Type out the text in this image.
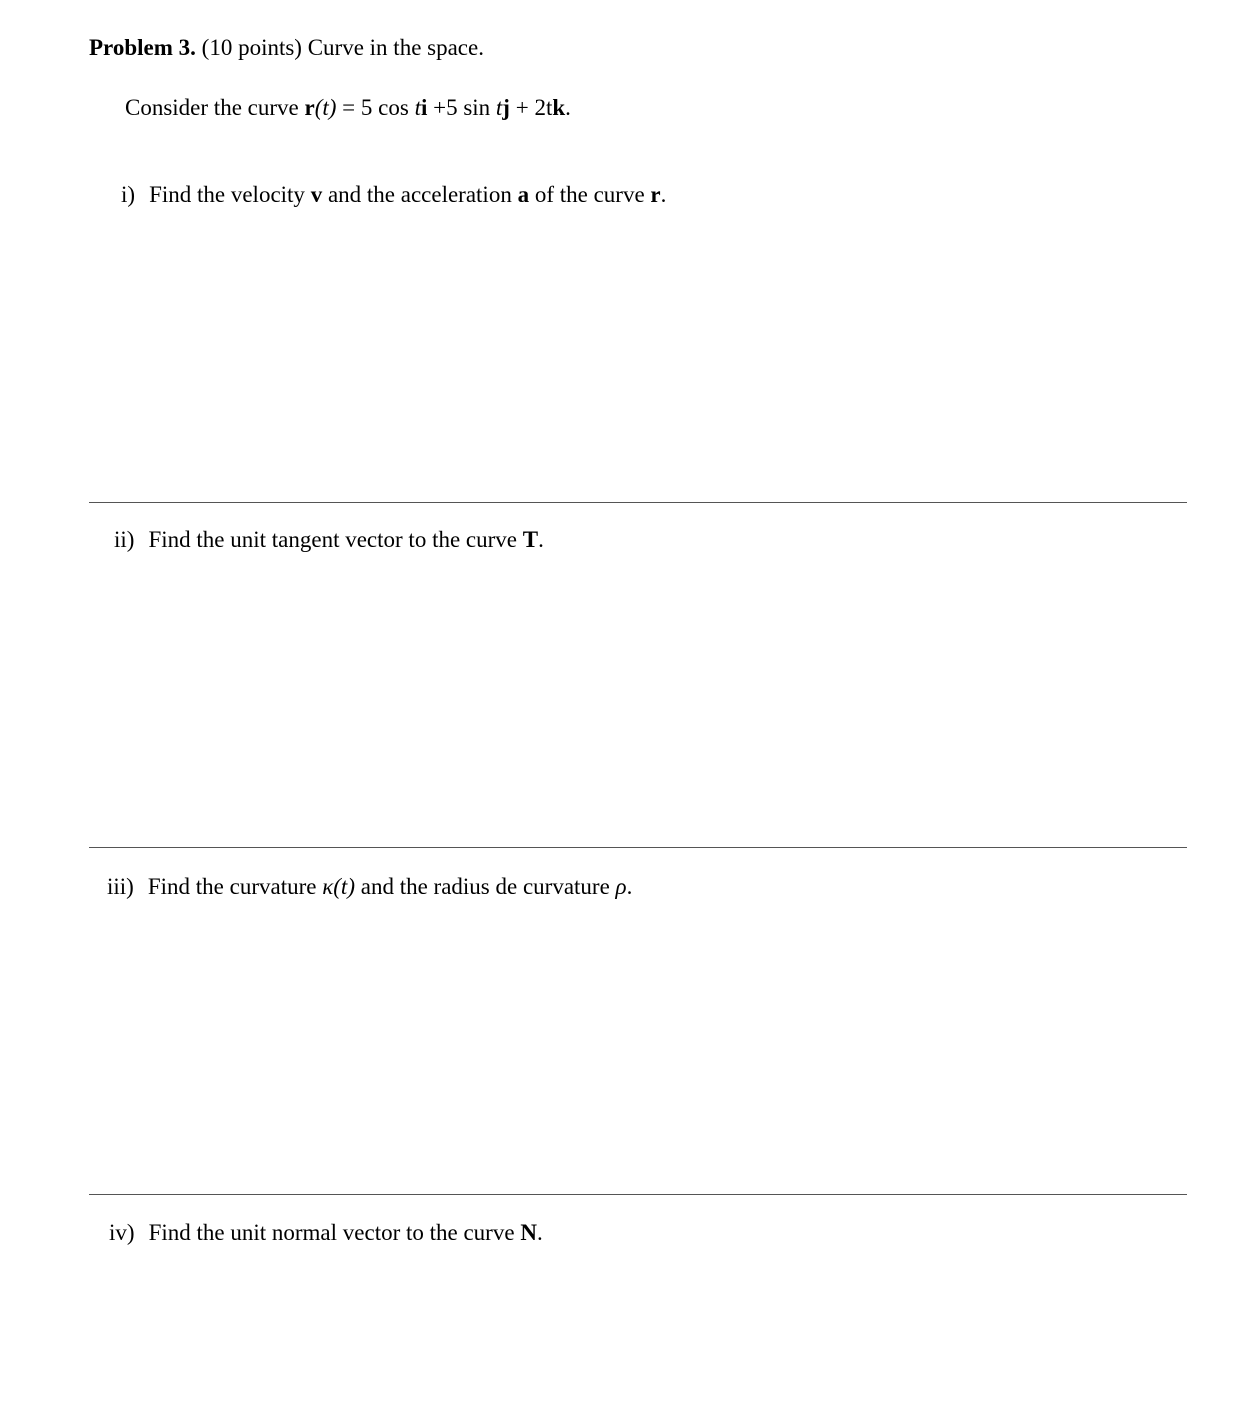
Problem 3. (10 points) Curve in the space.
Consider the curve r(t) = 5 cos ti +5 sin tj + 2tk.
i) Find the velocity v and the acceleration a of the curve r.
ii) Find the unit tangent vector to the curve T.
iii) Find the curvature κ(t) and the radius de curvature ρ.
iv) Find the unit normal vector to the curve N.
